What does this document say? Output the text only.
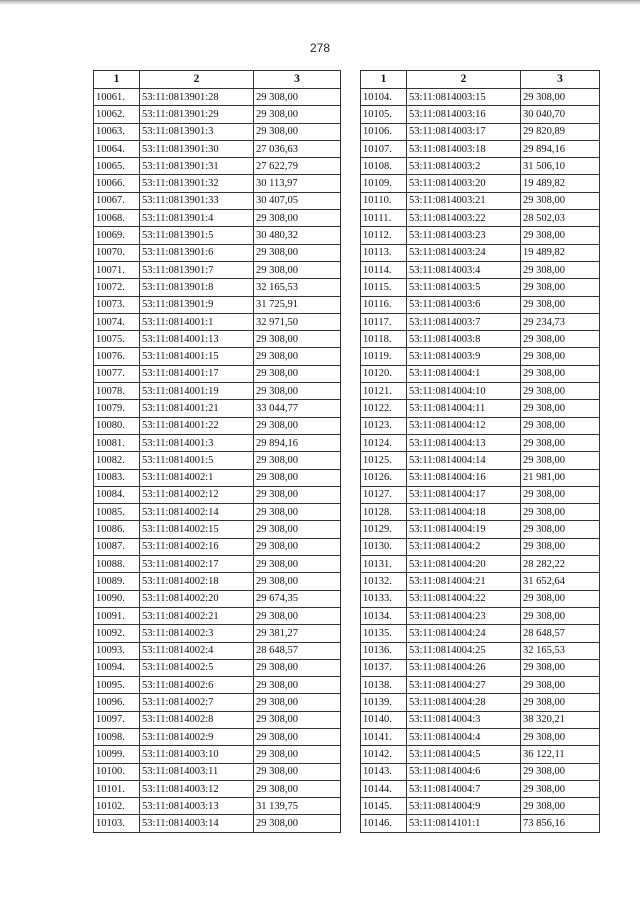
278
1	2	3
10061.	53:11:0813901:28	29 308,00
10062.	53:11:0813901:29	29 308,00
10063.	53:11:0813901:3	29 308,00
10064.	53:11:0813901:30	27 036,63
10065.	53:11:0813901:31	27 622,79
10066.	53:11:0813901:32	30 113,97
10067.	53:11:0813901:33	30 407,05
10068.	53:11:0813901:4	29 308,00
10069.	53:11:0813901:5	30 480,32
10070.	53:11:0813901:6	29 308,00
10071.	53:11:0813901:7	29 308,00
10072.	53:11:0813901:8	32 165,53
10073.	53:11:0813901:9	31 725,91
10074.	53:11:0814001:1	32 971,50
10075.	53:11:0814001:13	29 308,00
10076.	53:11:0814001:15	29 308,00
10077.	53:11:0814001:17	29 308,00
10078.	53:11:0814001:19	29 308,00
10079.	53:11:0814001:21	33 044,77
10080.	53:11:0814001:22	29 308,00
10081.	53:11:0814001:3	29 894,16
10082.	53:11:0814001:5	29 308,00
10083.	53:11:0814002:1	29 308,00
10084.	53:11:0814002:12	29 308,00
10085.	53:11:0814002:14	29 308,00
10086.	53:11:0814002:15	29 308,00
10087.	53:11:0814002:16	29 308,00
10088.	53:11:0814002:17	29 308,00
10089.	53:11:0814002:18	29 308,00
10090.	53:11:0814002:20	29 674,35
10091.	53:11:0814002:21	29 308,00
10092.	53:11:0814002:3	29 381,27
10093.	53:11:0814002:4	28 648,57
10094.	53:11:0814002:5	29 308,00
10095.	53:11:0814002:6	29 308,00
10096.	53:11:0814002:7	29 308,00
10097.	53:11:0814002:8	29 308,00
10098.	53:11:0814002:9	29 308,00
10099.	53:11:0814003:10	29 308,00
10100.	53:11:0814003:11	29 308,00
10101.	53:11:0814003:12	29 308,00
10102.	53:11:0814003:13	31 139,75
10103.	53:11:0814003:14	29 308,00
1	2	3
10104.	53:11:0814003:15	29 308,00
10105.	53:11:0814003:16	30 040,70
10106.	53:11:0814003:17	29 820,89
10107.	53:11:0814003:18	29 894,16
10108.	53:11:0814003:2	31 506,10
10109.	53:11:0814003:20	19 489,82
10110.	53:11:0814003:21	29 308,00
10111.	53:11:0814003:22	28 502,03
10112.	53:11:0814003:23	29 308,00
10113.	53:11:0814003:24	19 489,82
10114.	53:11:0814003:4	29 308,00
10115.	53:11:0814003:5	29 308,00
10116.	53:11:0814003:6	29 308,00
10117.	53:11:0814003:7	29 234,73
10118.	53:11:0814003:8	29 308,00
10119.	53:11:0814003:9	29 308,00
10120.	53:11:0814004:1	29 308,00
10121.	53:11:0814004:10	29 308,00
10122.	53:11:0814004:11	29 308,00
10123.	53:11:0814004:12	29 308,00
10124.	53:11:0814004:13	29 308,00
10125.	53:11:0814004:14	29 308,00
10126.	53:11:0814004:16	21 981,00
10127.	53:11:0814004:17	29 308,00
10128.	53:11:0814004:18	29 308,00
10129.	53:11:0814004:19	29 308,00
10130.	53:11:0814004:2	29 308,00
10131.	53:11:0814004:20	28 282,22
10132.	53:11:0814004:21	31 652,64
10133.	53:11:0814004:22	29 308,00
10134.	53:11:0814004:23	29 308,00
10135.	53:11:0814004:24	28 648,57
10136.	53:11:0814004:25	32 165,53
10137.	53:11:0814004:26	29 308,00
10138.	53:11:0814004:27	29 308,00
10139.	53:11:0814004:28	29 308,00
10140.	53:11:0814004:3	38 320,21
10141.	53:11:0814004:4	29 308,00
10142.	53:11:0814004:5	36 122,11
10143.	53:11:0814004:6	29 308,00
10144.	53:11:0814004:7	29 308,00
10145.	53:11:0814004:9	29 308,00
10146.	53:11:0814101:1	73 856,16
